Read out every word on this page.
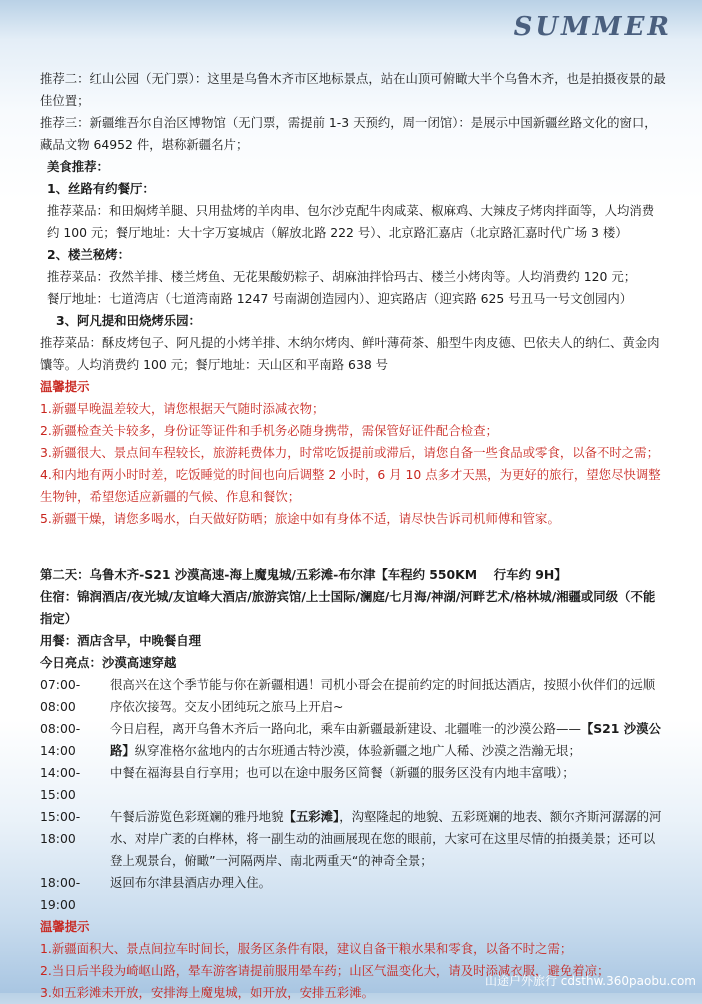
SUMMER

推荐二：红山公园（无门票）：这里是乌鲁木齐市区地标景点，站在山顶可俯瞰大半个乌鲁木齐，也是拍摄夜景的最佳位置；

推荐三：新疆维吾尔自治区博物馆（无门票，需提前 1-3 天预约，周一闭馆）：是展示中国新疆丝路文化的窗口，藏品文物 64952 件，堪称新疆名片；

美食推荐：

1、丝路有约餐厅：

推荐菜品：和田焖烤羊腿、只用盐烤的羊肉串、包尔沙克配牛肉咸菜、椒麻鸡、大辣皮子烤肉拌面等，人均消费约 100 元；餐厅地址：大十字万宴城店（解放北路 222 号）、北京路汇嘉店（北京路汇嘉时代广场 3 楼）

2、楼兰秘烤：

推荐菜品：孜然羊排、楼兰烤鱼、无花果酸奶粽子、胡麻油拌恰玛古、楼兰小烤肉等。人均消费约 120 元；

餐厅地址：七道湾店（七道湾南路 1247 号南湖创造园内）、迎宾路店（迎宾路 625 号丑马一号文创园内）

3、阿凡提和田烧烤乐园：

推荐菜品：酥皮烤包子、阿凡提的小烤羊排、木纳尔烤肉、鲜叶薄荷茶、船型牛肉皮德、巴依夫人的纳仁、黄金肉馕等。人均消费约 100 元；餐厅地址：天山区和平南路 638 号

温馨提示

1.新疆早晚温差较大，请您根据天气随时添减衣物；

2.新疆检查关卡较多，身份证等证件和手机务必随身携带，需保管好证件配合检查；

3.新疆很大、景点间车程较长，旅游耗费体力，时常吃饭提前或滞后，请您自备一些食品或零食，以备不时之需；

4.和内地有两小时时差，吃饭睡觉的时间也向后调整 2 小时，6 月 10 点多才天黑，为更好的旅行，望您尽快调整生物钟，希望您适应新疆的气候、作息和餐饮；

5.新疆干燥，请您多喝水，白天做好防晒；旅途中如有身体不适，请尽快告诉司机师傅和管家。

第二天：乌鲁木齐-S21 沙漠高速-海上魔鬼城/五彩滩-布尔津【车程约 550KM　 行车约 9H】

住宿：锦润酒店/夜光城/友谊峰大酒店/旅游宾馆/上士国际/澜庭/七月海/神湖/河畔艺术/格林城/湘疆或同级（不能指定）

用餐：酒店含早，中晚餐自理

今日亮点：沙漠高速穿越

07:00-08:00
很高兴在这个季节能与你在新疆相遇！司机小哥会在提前约定的时间抵达酒店，按照小伙伴们的远顺序依次接驾。交友小团纯玩之旅马上开启~
08:00-14:00
今日启程，离开乌鲁木齐后一路向北，乘车由新疆最新建设、北疆唯一的沙漠公路——【S21 沙漠公路】纵穿准格尔盆地内的古尔班通古特沙漠，体验新疆之地广人稀、沙漠之浩瀚无垠；
14:00-15:00
中餐在福海县自行享用；也可以在途中服务区简餐（新疆的服务区没有内地丰富哦）；
15:00-18:00
午餐后游览色彩斑斓的雅丹地貌【五彩滩】，沟壑隆起的地貌、五彩斑斓的地表、额尔齐斯河潺潺的河水、对岸广袤的白桦林，将一副生动的油画展现在您的眼前，大家可在这里尽情的拍摄美景；还可以登上观景台，俯瞰”一河隔两岸、南北两重天“的神奇全景；
18:00-19:00
返回布尔津县酒店办理入住。

温馨提示

1.新疆面积大、景点间拉车时间长，服务区条件有限，建议自备干粮水果和零食，以备不时之需；

2.当日后半段为崎岖山路，晕车游客请提前服用晕车药；山区气温变化大，请及时添减衣服，避免着凉；

3.如五彩滩未开放，安排海上魔鬼城，如开放，安排五彩滩。

山途户外旅行 cdsthw.360paobu.com
